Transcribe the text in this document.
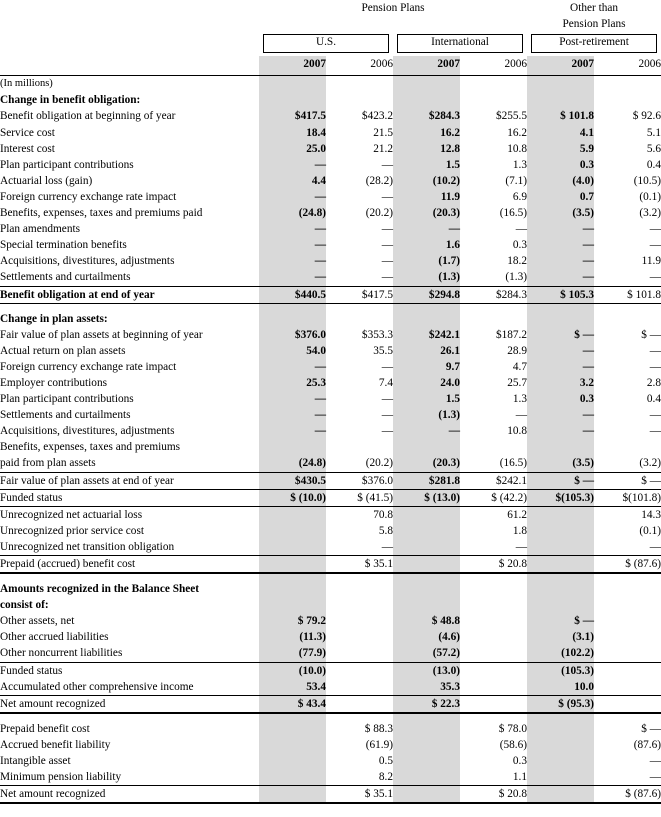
	Pension Plans				Other than	
					Pension Plans	

	U.S.		International		Post-retirement	

	2007	2006	2007	2006	2007	2006

(In millions)						
Change in benefit obligation:						
Benefit obligation at beginning of year	$417.5	$423.2	$284.3	$255.5	$ 101.8	$ 92.6
Service cost	18.4	21.5	16.2	16.2	4.1	5.1
Interest cost	25.0	21.2	12.8	10.8	5.9	5.6
Plan participant contributions	—	—	1.5	1.3	0.3	0.4
Actuarial loss (gain)	4.4	(28.2)	(10.2)	(7.1)	(4.0)	(10.5)
Foreign currency exchange rate impact	—	—	11.9	6.9	0.7	(0.1)
Benefits, expenses, taxes and premiums paid	(24.8)	(20.2)	(20.3)	(16.5)	(3.5)	(3.2)
Plan amendments	—	—	—	—	—	—
Special termination benefits	—	—	1.6	0.3	—	—
Acquisitions, divestitures, adjustments	—	—	(1.7)	18.2	—	11.9
Settlements and curtailments	—	—	(1.3)	(1.3)	—	—
Benefit obligation at end of year	$440.5	$417.5	$294.8	$284.3	$ 105.3	$ 101.8

Change in plan assets:						
Fair value of plan assets at beginning of year	$376.0	$353.3	$242.1	$187.2	$ —	$ —
Actual return on plan assets	54.0	35.5	26.1	28.9	—	—
Foreign currency exchange rate impact	—	—	9.7	4.7	—	—
Employer contributions	25.3	7.4	24.0	25.7	3.2	2.8
Plan participant contributions	—	—	1.5	1.3	0.3	0.4
Settlements and curtailments	—	—	(1.3)	—	—	—
Acquisitions, divestitures, adjustments	—	—	—	10.8	—	—
Benefits, expenses, taxes and premiums						
paid from plan assets	(24.8)	(20.2)	(20.3)	(16.5)	(3.5)	(3.2)
Fair value of plan assets at end of year	$430.5	$376.0	$281.8	$242.1	$ —	$ —
Funded status	$ (10.0)	$ (41.5)	$ (13.0)	$ (42.2)	$(105.3)	$(101.8)
Unrecognized net actuarial loss		70.8		61.2		14.3
Unrecognized prior service cost		5.8		1.8		(0.1)
Unrecognized net transition obligation		—		—		—
Prepaid (accrued) benefit cost		$ 35.1		$ 20.8		$ (87.6)

Amounts recognized in the Balance Sheet						
consist of:						
Other assets, net	$ 79.2		$ 48.8		$ —	
Other accrued liabilities	(11.3)		(4.6)		(3.1)	
Other noncurrent liabilities	(77.9)		(57.2)		(102.2)	
Funded status	(10.0)		(13.0)		(105.3)	
Accumulated other comprehensive income	53.4		35.3		10.0	
Net amount recognized	$ 43.4		$ 22.3		$ (95.3)	

Prepaid benefit cost		$ 88.3		$ 78.0		$ —
Accrued benefit liability		(61.9)		(58.6)		(87.6)
Intangible asset		0.5		0.3		—
Minimum pension liability		8.2		1.1		—
Net amount recognized		$ 35.1		$ 20.8		$ (87.6)
